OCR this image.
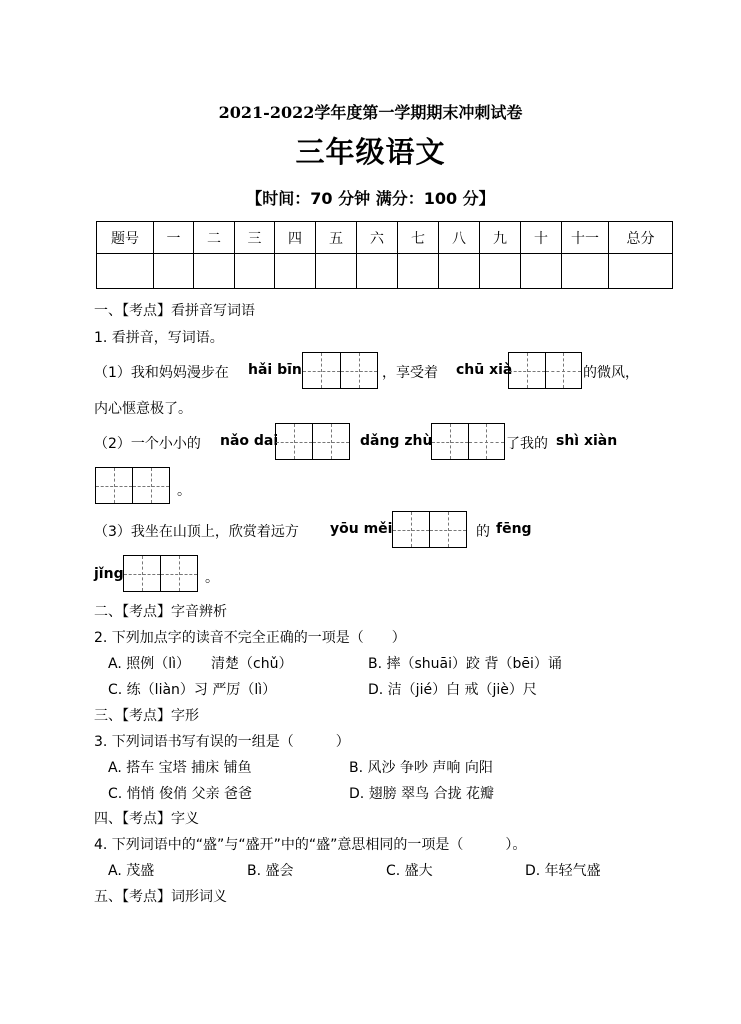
2021-2022学年度第一学期期末冲刺试卷
三年级语文
【时间：70 分钟 满分：100 分】
题号	一	二	三	四	五	六	七	八	九	十	十一	总分

一、【考点】看拼音写词语
1. 看拼音，写词语。
（1）我和妈妈漫步在 hǎi bīn	，享受着 chū xià	的微风，
内心惬意极了。
（2）一个小小的 nǎo dai	dǎng zhù	了我的 shì xiàn
。
（3）我坐在山顶上，欣赏着远方 yōu měi	的 fēng
jǐng	。
二、【考点】字音辨析
2. 下列加点字的读音不完全正确的一项是（　　）
A. 照例（lì）　　清楚（chǔ）	B. 摔（shuāi）跤 背（bēi）诵
C. 练（liàn）习 严厉（lì）	D. 洁（jié）白 戒（jiè）尺
三、【考点】字形
3. 下列词语书写有误的一组是（　　　）
A. 搭车 宝塔 捕床 铺鱼	B. 风沙 争吵 声响 向阳
C. 悄悄 俊俏 父亲 爸爸	D. 翅膀 翠鸟 合拢 花瓣
四、【考点】字义
4. 下列词语中的“盛”与“盛开”中的“盛”意思相同的一项是（　　　）。
A. 茂盛	B. 盛会	C. 盛大	D. 年轻气盛
五、【考点】词形词义
